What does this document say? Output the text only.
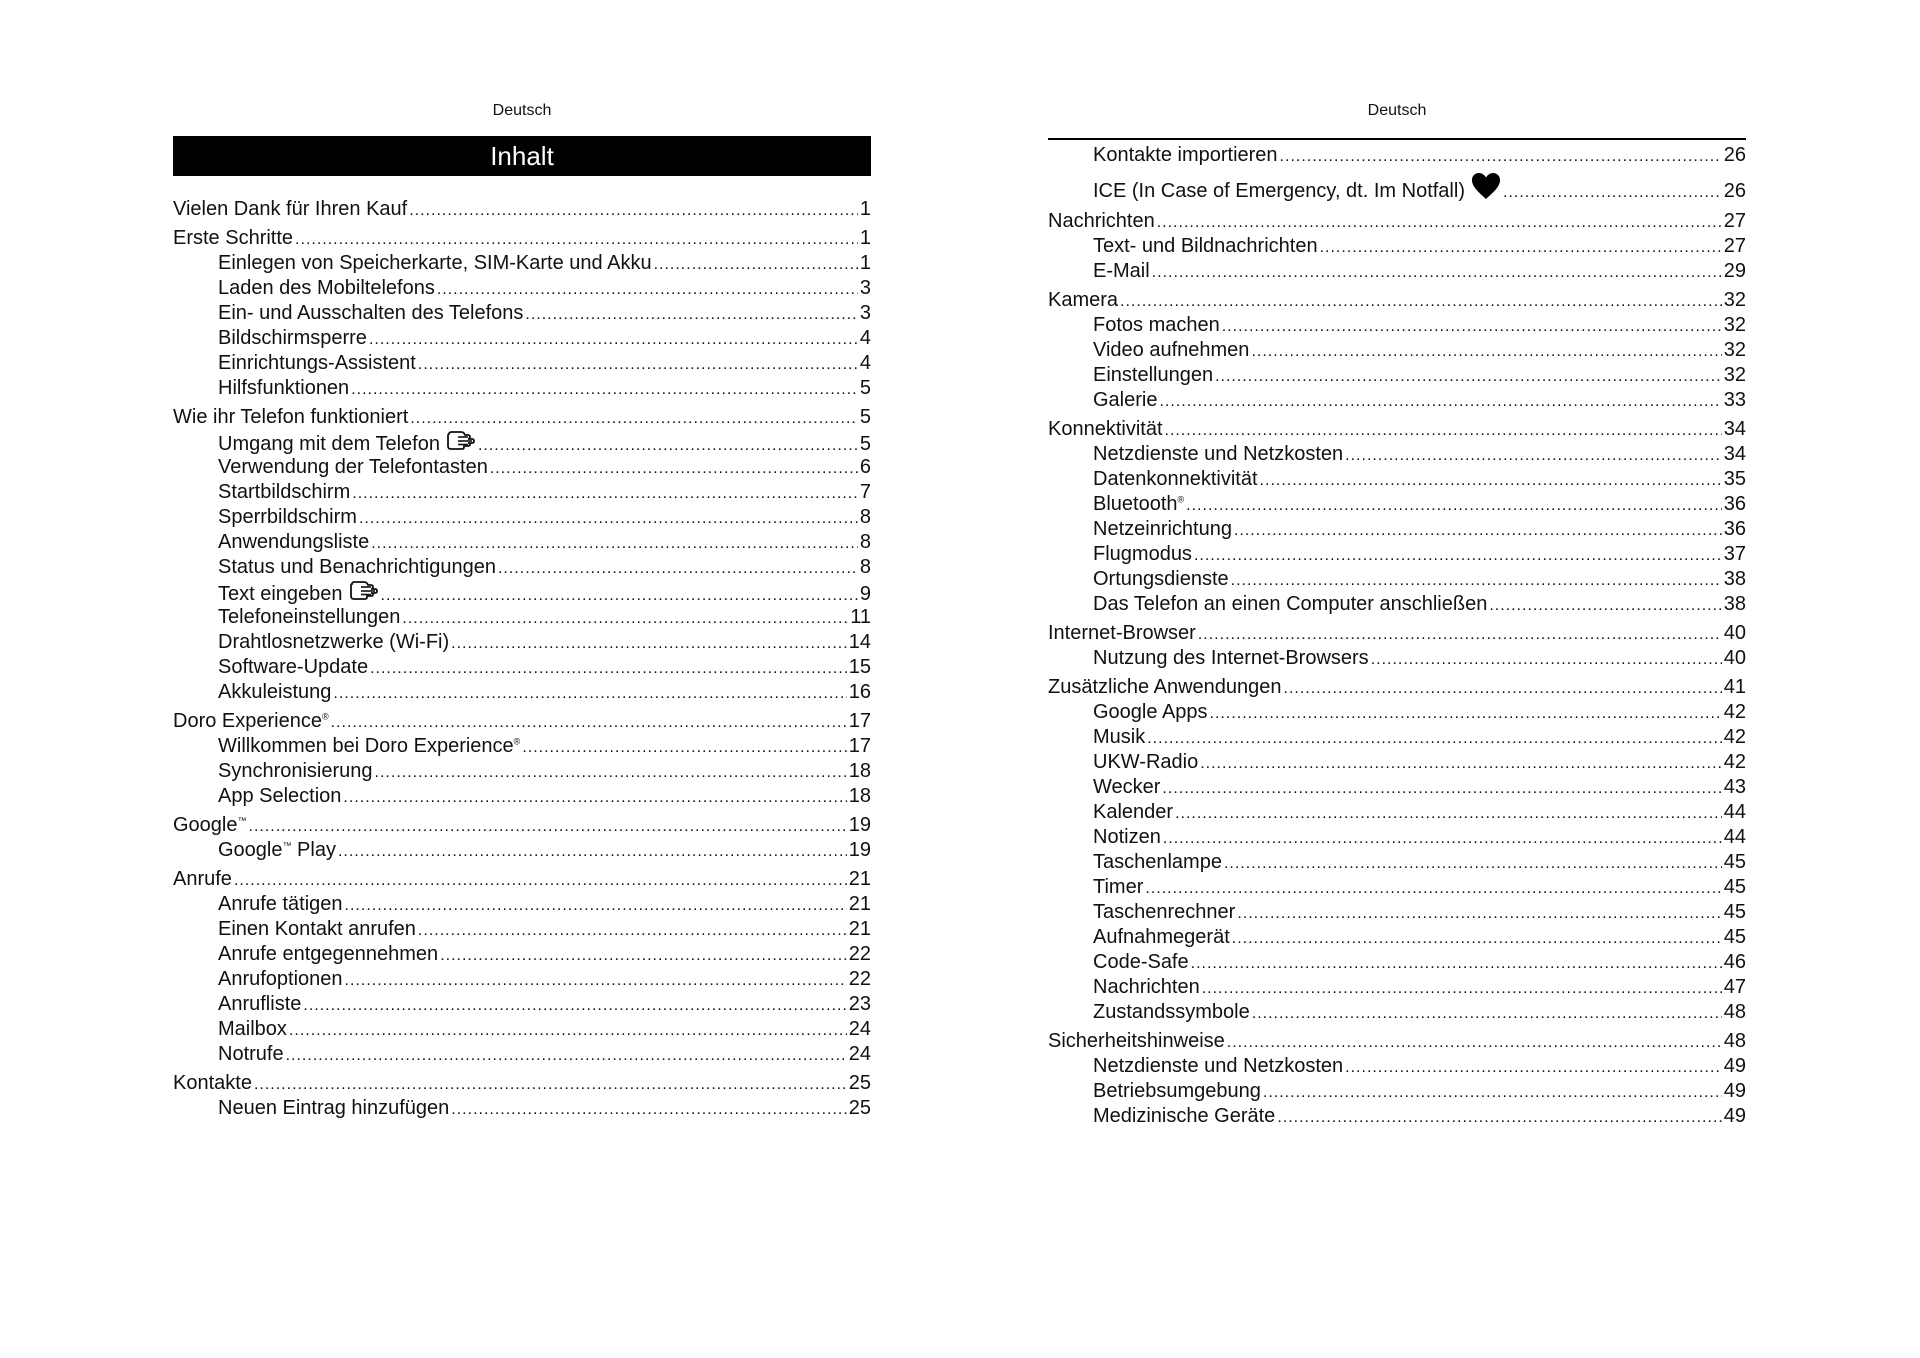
Deutsch
Inhalt
Vielen Dank für Ihren Kauf .....	1
Erste Schritte .....	1
Einlegen von Speicherkarte, SIM-Karte und Akku .....	1
Laden des Mobiltelefons .....	3
Ein- und Ausschalten des Telefons .....	3
Bildschirmsperre .....	4
Einrichtungs-Assistent .....	4
Hilfsfunktionen .....	5
Wie ihr Telefon funktioniert .....	5
Umgang mit dem Telefon .....	5
Verwendung der Telefontasten .....	6
Startbildschirm .....	7
Sperrbildschirm .....	8
Anwendungsliste .....	8
Status und Benachrichtigungen .....	8
Text eingeben .....	9
Telefoneinstellungen .....	11
Drahtlosnetzwerke (Wi-Fi) .....	14
Software-Update .....	15
Akkuleistung .....	16
Doro Experience® .....	17
Willkommen bei Doro Experience® .....	17
Synchronisierung .....	18
App Selection .....	18
Google™ .....	19
Google™ Play .....	19
Anrufe .....	21
Anrufe tätigen .....	21
Einen Kontakt anrufen .....	21
Anrufe entgegennehmen .....	22
Anrufoptionen .....	22
Anrufliste .....	23
Mailbox .....	24
Notrufe .....	24
Kontakte .....	25
Neuen Eintrag hinzufügen .....	25
Deutsch
Kontakte importieren .....	26
ICE (In Case of Emergency, dt. Im Notfall) .....	26
Nachrichten .....	27
Text- und Bildnachrichten .....	27
E-Mail .....	29
Kamera .....	32
Fotos machen .....	32
Video aufnehmen .....	32
Einstellungen .....	32
Galerie .....	33
Konnektivität .....	34
Netzdienste und Netzkosten .....	34
Datenkonnektivität .....	35
Bluetooth® .....	36
Netzeinrichtung .....	36
Flugmodus .....	37
Ortungsdienste .....	38
Das Telefon an einen Computer anschließen .....	38
Internet-Browser .....	40
Nutzung des Internet-Browsers .....	40
Zusätzliche Anwendungen .....	41
Google Apps .....	42
Musik .....	42
UKW-Radio .....	42
Wecker .....	43
Kalender .....	44
Notizen .....	44
Taschenlampe .....	45
Timer .....	45
Taschenrechner .....	45
Aufnahmegerät .....	45
Code-Safe .....	46
Nachrichten .....	47
Zustandssymbole .....	48
Sicherheitshinweise .....	48
Netzdienste und Netzkosten .....	49
Betriebsumgebung .....	49
Medizinische Geräte .....	49
